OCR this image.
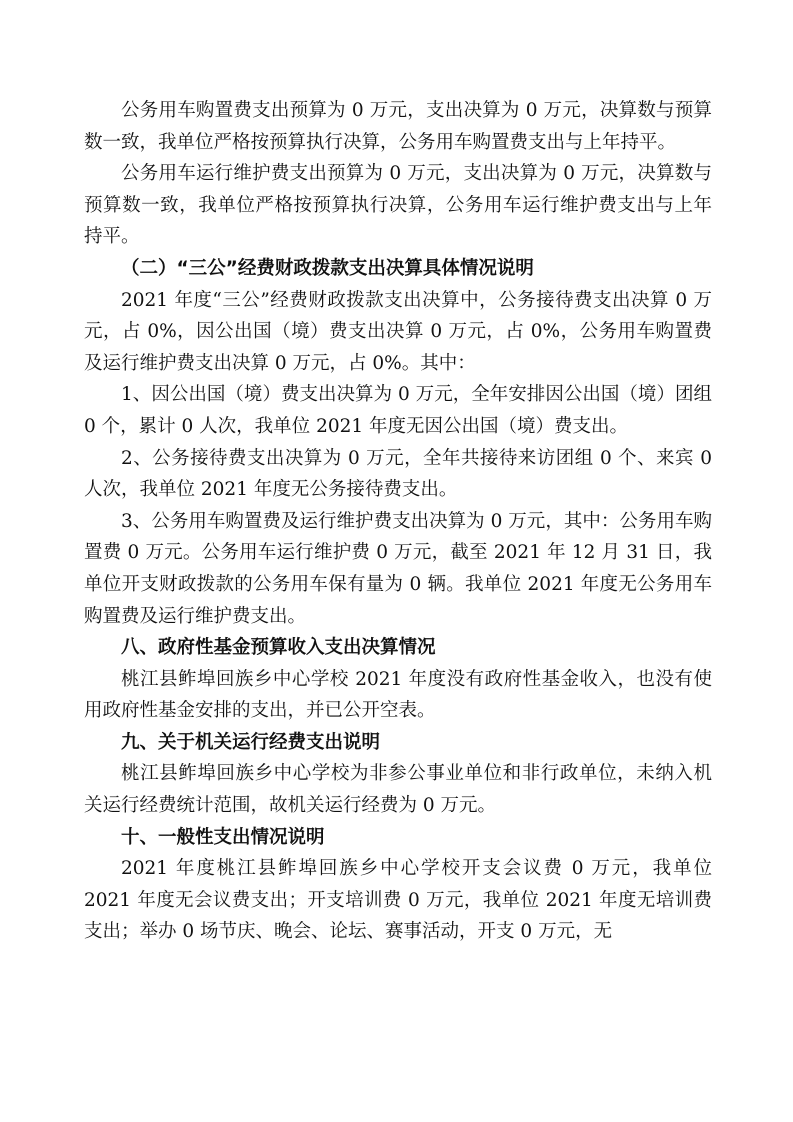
公务用车购置费支出预算为 0 万元，支出决算为 0 万元，决算数与预算数一致，我单位严格按预算执行决算，公务用车购置费支出与上年持平。

公务用车运行维护费支出预算为 0 万元，支出决算为 0 万元，决算数与预算数一致，我单位严格按预算执行决算，公务用车运行维护费支出与上年持平。

（二）“三公”经费财政拨款支出决算具体情况说明

2021 年度“三公”经费财政拨款支出决算中，公务接待费支出决算 0 万元，占 0%，因公出国（境）费支出决算 0 万元，占 0%，公务用车购置费及运行维护费支出决算 0 万元，占 0%。其中：

1、因公出国（境）费支出决算为 0 万元，全年安排因公出国（境）团组 0 个，累计 0 人次，我单位 2021 年度无因公出国（境）费支出。

2、公务接待费支出决算为 0 万元，全年共接待来访团组 0 个、来宾 0 人次，我单位 2021 年度无公务接待费支出。

3、公务用车购置费及运行维护费支出决算为 0 万元，其中：公务用车购置费 0 万元。公务用车运行维护费 0 万元，截至 2021 年 12 月 31 日，我单位开支财政拨款的公务用车保有量为 0 辆。我单位 2021 年度无公务用车购置费及运行维护费支出。

八、政府性基金预算收入支出决算情况

桃江县鲊埠回族乡中心学校 2021 年度没有政府性基金收入，也没有使用政府性基金安排的支出，并已公开空表。

九、关于机关运行经费支出说明

桃江县鲊埠回族乡中心学校为非参公事业单位和非行政单位，未纳入机关运行经费统计范围，故机关运行经费为 0 万元。

十、一般性支出情况说明

2021 年度桃江县鲊埠回族乡中心学校开支会议费 0 万元，我单位 2021 年度无会议费支出；开支培训费 0 万元，我单位 2021 年度无培训费支出；举办 0 场节庆、晚会、论坛、赛事活动，开支 0 万元，无
